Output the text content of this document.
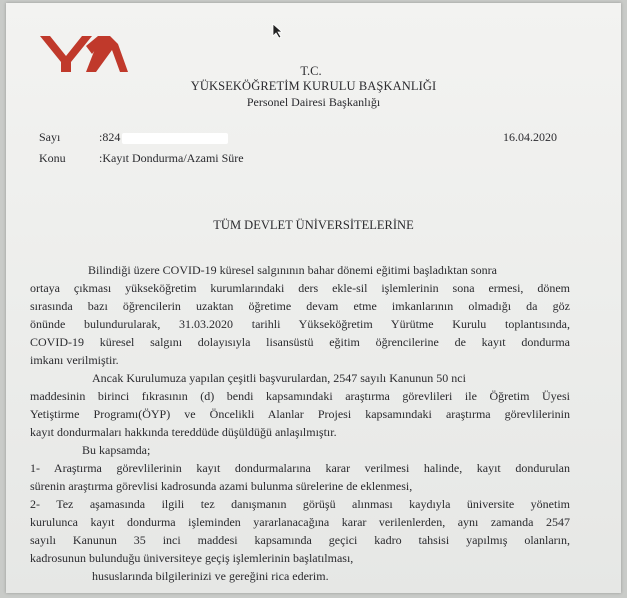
T.C.
YÜKSEKÖĞRETİM KURULU BAŞKANLIĞI
Personel Dairesi Başkanlığı
Sayı	:824	16.04.2020
Konu	:Kayıt Dondurma/Azami Süre
TÜM DEVLET ÜNİVERSİTELERİNE
Bilindiği üzere COVID-19 küresel salgınının bahar dönemi eğitimi başladıktan sonra
ortaya çıkması yükseköğretim kurumlarındaki ders ekle-sil işlemlerinin sona ermesi, dönem
sırasında bazı öğrencilerin uzaktan öğretime devam etme imkanlarının olmadığı da göz
önünde bulundurularak, 31.03.2020 tarihli Yükseköğretim Yürütme Kurulu toplantısında,
COVID-19 küresel salgını dolayısıyla lisansüstü eğitim öğrencilerine de kayıt dondurma
imkanı verilmiştir.
Ancak Kurulumuza yapılan çeşitli başvurulardan, 2547 sayılı Kanunun 50 nci
maddesinin birinci fıkrasının (d) bendi kapsamındaki araştırma görevlileri ile Öğretim Üyesi
Yetiştirme Programı(ÖYP) ve Öncelikli Alanlar Projesi kapsamındaki araştırma görevlilerinin
kayıt dondurmaları hakkında tereddüde düşüldüğü anlaşılmıştır.
Bu kapsamda;
1- Araştırma görevlilerinin kayıt dondurmalarına karar verilmesi halinde, kayıt dondurulan
sürenin araştırma görevlisi kadrosunda azami bulunma sürelerine de eklenmesi,
2- Tez aşamasında ilgili tez danışmanın görüşü alınması kaydıyla üniversite yönetim
kurulunca kayıt dondurma işleminden yararlanacağına karar verilenlerden, aynı zamanda 2547
sayılı Kanunun 35 inci maddesi kapsamında geçici kadro tahsisi yapılmış olanların,
kadrosunun bulunduğu üniversiteye geçiş işlemlerinin başlatılması,
hususlarında bilgilerinizi ve gereğini rica ederim.
